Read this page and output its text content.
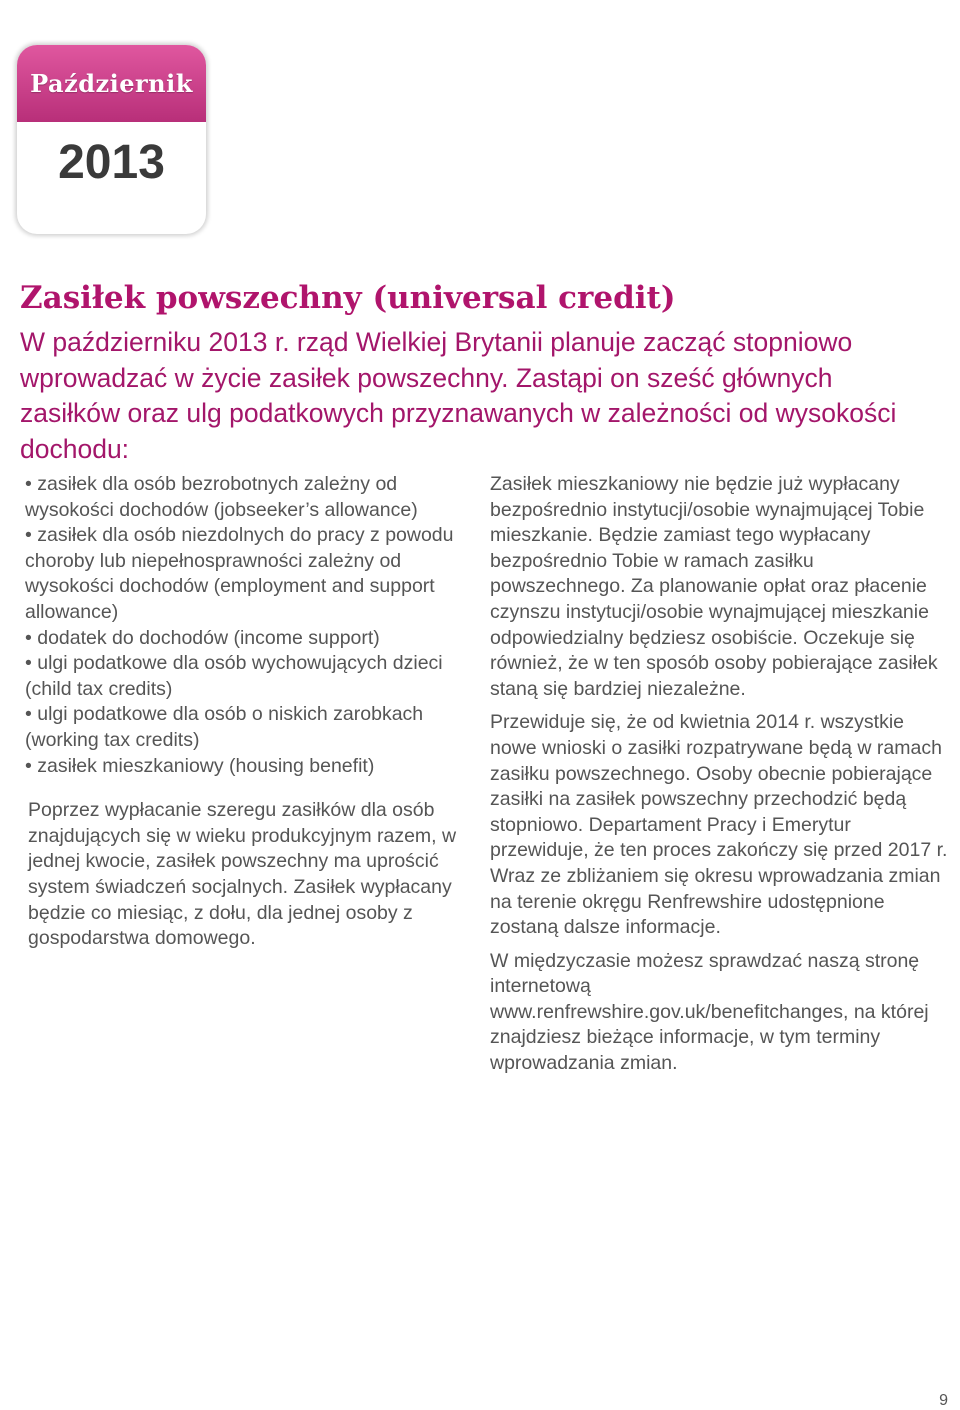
Październik
2013
Zasiłek powszechny (universal credit)

W październiku 2013 r. rząd Wielkiej Brytanii planuje zacząć stopniowo wprowadzać w życie zasiłek powszechny. Zastąpi on sześć głównych zasiłków oraz ulg podatkowych przyznawanych w zależności od wysokości dochodu:

• zasiłek dla osób bezrobotnych zależny od wysokości dochodów (jobseeker’s allowance)
• zasiłek dla osób niezdolnych do pracy z powodu choroby lub niepełnosprawności zależny od wysokości dochodów (employment and support allowance)
• dodatek do dochodów (income support)
• ulgi podatkowe dla osób wychowujących dzieci (child tax credits)
• ulgi podatkowe dla osób o niskich zarobkach (working tax credits)
• zasiłek mieszkaniowy (housing benefit)

Poprzez wypłacanie szeregu zasiłków dla osób znajdujących się w wieku produkcyjnym razem, w jednej kwocie, zasiłek powszechny ma uprościć system świadczeń socjalnych. Zasiłek wypłacany będzie co miesiąc, z dołu, dla jednej osoby z gospodarstwa domowego.

Zasiłek mieszkaniowy nie będzie już wypłacany bezpośrednio instytucji/osobie wynajmującej Tobie mieszkanie. Będzie zamiast tego wypłacany bezpośrednio Tobie w ramach zasiłku powszechnego. Za planowanie opłat oraz płacenie czynszu instytucji/osobie wynajmującej mieszkanie odpowiedzialny będziesz osobiście. Oczekuje się również, że w ten sposób osoby pobierające zasiłek staną się bardziej niezależne.

Przewiduje się, że od kwietnia 2014 r. wszystkie nowe wnioski o zasiłki rozpatrywane będą w ramach zasiłku powszechnego. Osoby obecnie pobierające zasiłki na zasiłek powszechny przechodzić będą stopniowo. Departament Pracy i Emerytur przewiduje, że ten proces zakończy się przed 2017 r. Wraz ze zbliżaniem się okresu wprowadzania zmian na terenie okręgu Renfrewshire udostępnione zostaną dalsze informacje.

W międzyczasie możesz sprawdzać naszą stronę internetową www.renfrewshire.gov.uk/benefitchanges, na której znajdziesz bieżące informacje, w tym terminy wprowadzania zmian.

9
